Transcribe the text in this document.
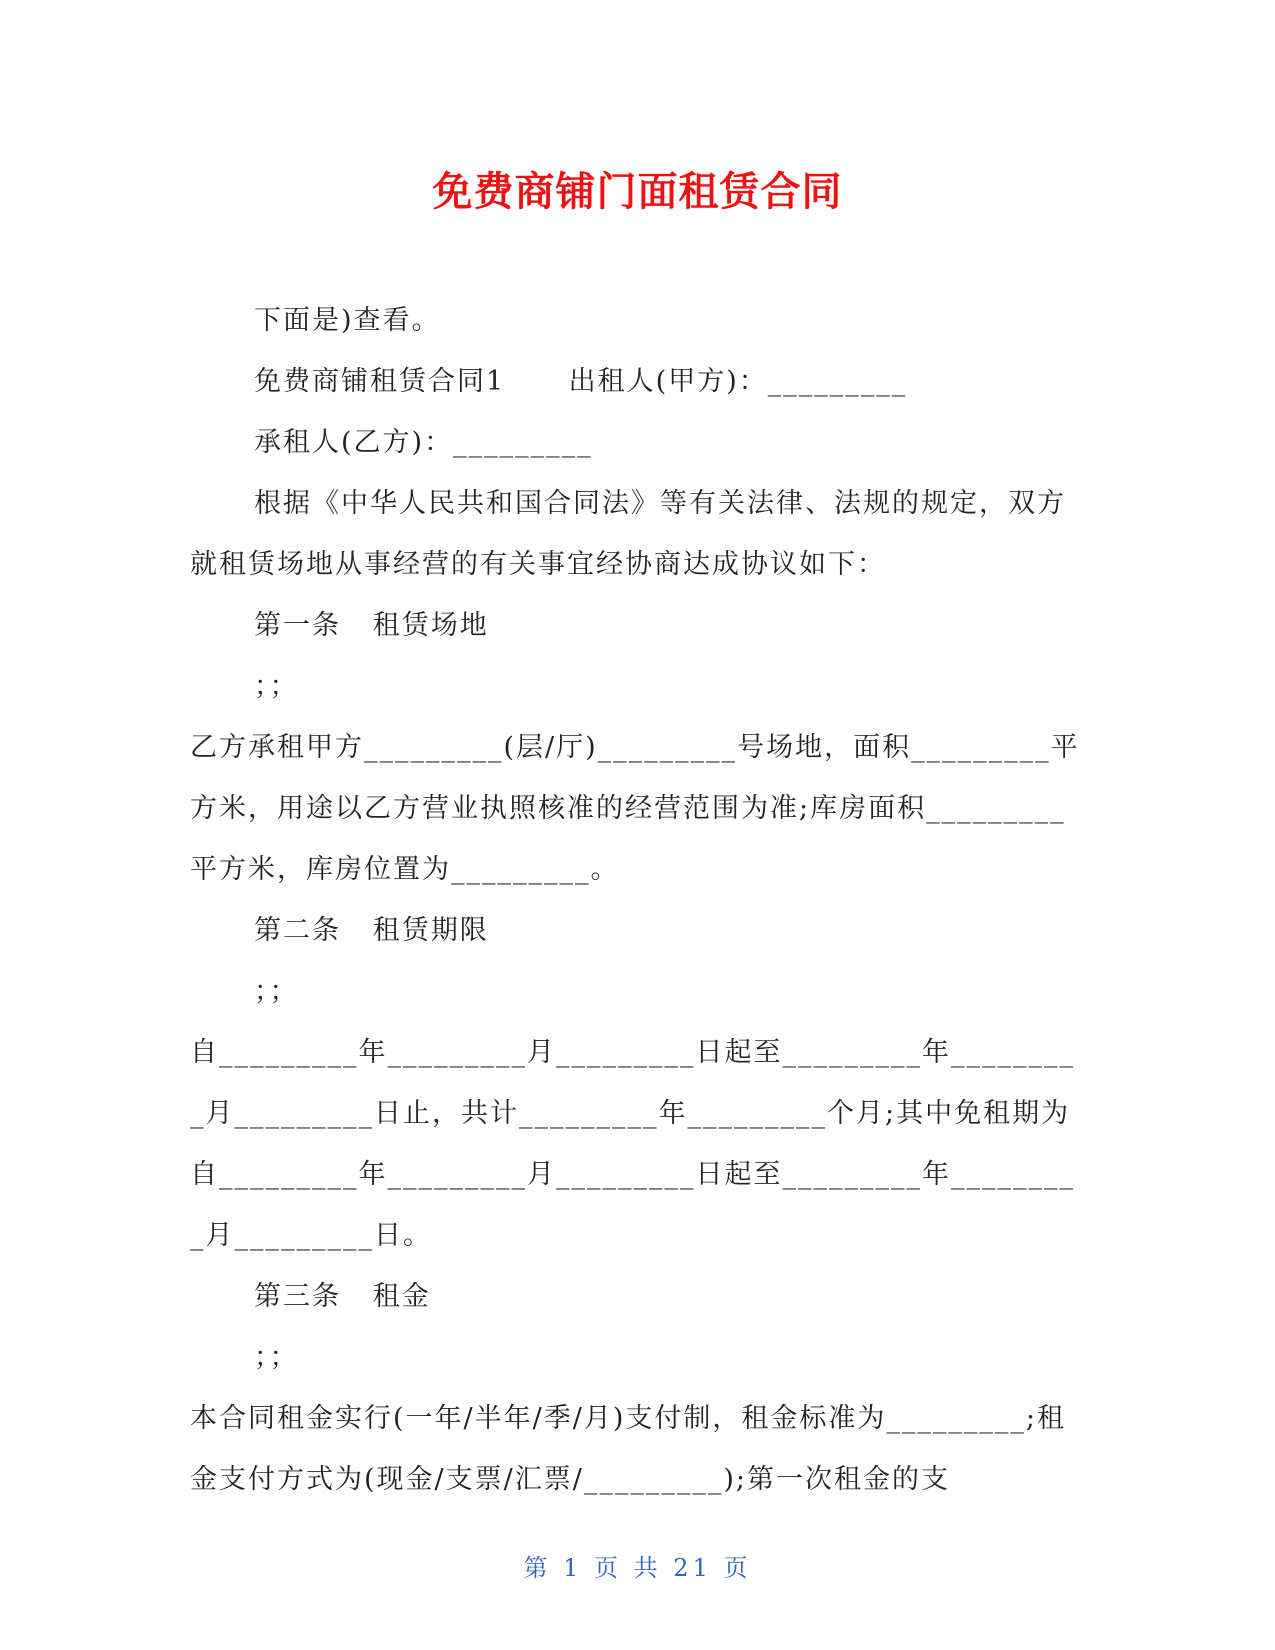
免费商铺门面租赁合同

下面是)查看。

免费商铺租赁合同1      出租人(甲方)：_________

承租人(乙方)：_________

根据《中华人民共和国合同法》等有关法律、法规的规定，双方就租赁场地从事经营的有关事宜经协商达成协议如下：

第一条   租赁场地

；；

乙方承租甲方_________(层/厅)_________号场地，面积_________平方米，用途以乙方营业执照核准的经营范围为准;库房面积_________平方米，库房位置为_________。

第二条   租赁期限

；；

自_________年_________月_________日起至_________年_________月_________日止，共计_________年_________个月;其中免租期为自_________年_________月_________日起至_________年_________月_________日。

第三条   租金

；；

本合同租金实行(一年/半年/季/月)支付制，租金标准为_________;租金支付方式为(现金/支票/汇票/_________);第一次租金的支

第 1 页 共 21 页
